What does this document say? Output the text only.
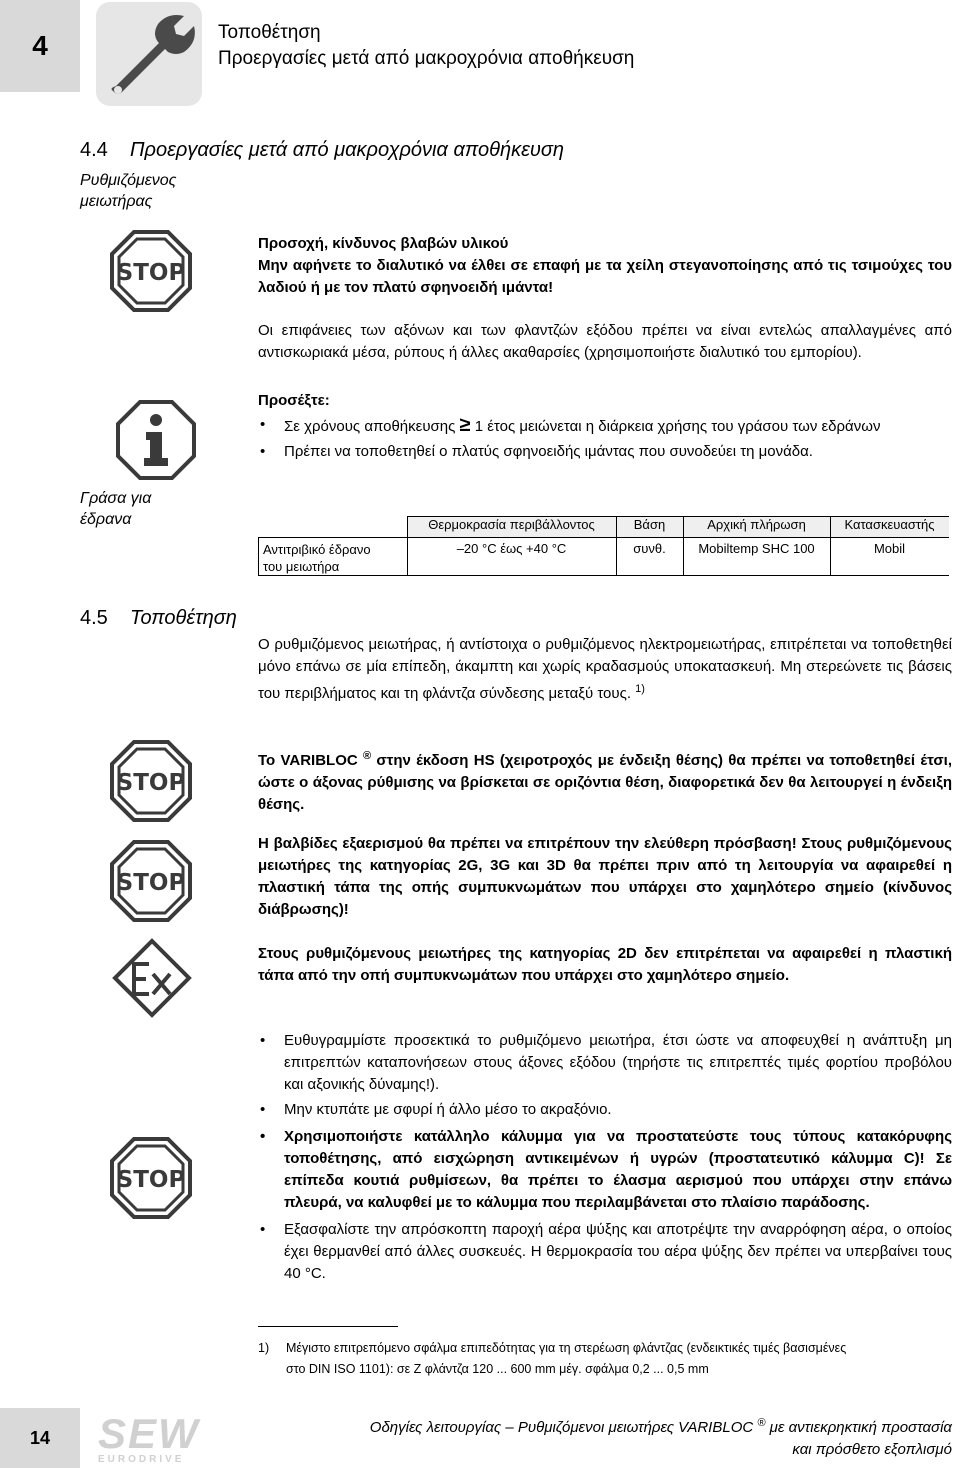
4	Τοποθέτηση
Προεργασίες μετά από μακροχρόνια αποθήκευση
4.4 Προεργασίες μετά από μακροχρόνια αποθήκευση
Ρυθμιζόμενος
μειωτήρας
STOP
Προσοχή, κίνδυνος βλαβών υλικού
Μην αφήνετε το διαλυτικό να έλθει σε επαφή με τα χείλη στεγανοποίησης από τις τσιμούχες του λαδιού ή με τον πλατύ σφηνοειδή ιμάντα!
Οι επιφάνειες των αξόνων και των φλαντζών εξόδου πρέπει να είναι εντελώς απαλλαγμένες από αντισκωριακά μέσα, ρύπους ή άλλες ακαθαρσίες (χρησιμοποιήστε διαλυτικό του εμπορίου).
Προσέξτε:
• Σε χρόνους αποθήκευσης ≥ 1 έτος μειώνεται η διάρκεια χρήσης του γράσου των εδράνων
• Πρέπει να τοποθετηθεί ο πλατύς σφηνοειδής ιμάντας που συνοδεύει τη μονάδα.
Γράσα για
έδρανα
		Θερμοκρασία περιβάλλοντος	Βάση	Αρχική πλήρωση	Κατασκευαστής

Αντιτριβικό έδρανο
του μειωτήρα	–20 °C έως +40 °C	συνθ.	Mobiltemp SHC 100	Mobil
4.5 Τοποθέτηση
Ο ρυθμιζόμενος μειωτήρας, ή αντίστοιχα ο ρυθμιζόμενος ηλεκτρομειωτήρας, επιτρέπεται να τοποθετηθεί μόνο επάνω σε μία επίπεδη, άκαμπτη και χωρίς κραδασμούς υποκατασκευή. Μη στερεώνετε τις βάσεις του περιβλήματος και τη φλάντζα σύνδεσης μεταξύ τους. $^{1)}$
STOP
Το VARIBLOC ® στην έκδοση HS (χειροτροχός με ένδειξη θέσης) θα πρέπει να τοποθετηθεί έτσι, ώστε ο άξονας ρύθμισης να βρίσκεται σε οριζόντια θέση, διαφορετικά δεν θα λειτουργεί η ένδειξη θέσης.
STOP
Η βαλβίδες εξαερισμού θα πρέπει να επιτρέπουν την ελεύθερη πρόσβαση! Στους ρυθμιζόμενους μειωτήρες της κατηγορίας 2G, 3G και 3D θα πρέπει πριν από τη λειτουργία να αφαιρεθεί η πλαστική τάπα της οπής συμπυκνωμάτων που υπάρχει στο χαμηλότερο σημείο (κίνδυνος διάβρωσης)!
Στους ρυθμιζόμενους μειωτήρες της κατηγορίας 2D δεν επιτρέπεται να αφαιρεθεί η πλαστική τάπα από την οπή συμπυκνωμάτων που υπάρχει στο χαμηλότερο σημείο.
• Ευθυγραμμίστε προσεκτικά το ρυθμιζόμενο μειωτήρα, έτσι ώστε να αποφευχθεί η ανάπτυξη μη επιτρεπτών καταπονήσεων στους άξονες εξόδου (τηρήστε τις επιτρεπτές τιμές φορτίου προβόλου και αξονικής δύναμης!).
• Μην κτυπάτε με σφυρί ή άλλο μέσο το ακραξόνιο.
• Χρησιμοποιήστε κατάλληλο κάλυμμα για να προστατεύστε τους τύπους κατακόρυφης τοποθέτησης, από εισχώρηση αντικειμένων ή υγρών (προστατευτικό κάλυμμα C)! Σε επίπεδα κουτιά ρυθμίσεων, θα πρέπει το έλασμα αερισμού που υπάρχει στην επάνω πλευρά, να καλυφθεί με το κάλυμμα που περιλαμβάνεται στο πλαίσιο παράδοσης.
• Εξασφαλίστε την απρόσκοπτη παροχή αέρα ψύξης και αποτρέψτε την αναρρόφηση αέρα, ο οποίος έχει θερμανθεί από άλλες συσκευές. Η θερμοκρασία του αέρα ψύξης δεν πρέπει να υπερβαίνει τους 40 °C.
STOP
1)	Μέγιστο επιτρεπόμενο σφάλμα επιπεδότητας για τη στερέωση φλάντζας (ενδεικτικές τιμές βασισμένες
στο DIN ISO 1101): σε Z φλάντζα 120 ... 600 mm μέγ. σφάλμα 0,2 ... 0,5 mm
14	SEW
EURODRIVE
Οδηγίες λειτουργίας – Ρυθμιζόμενοι μειωτήρες VARIBLOC ® με αντιεκρηκτική προστασία
και πρόσθετο εξοπλισμό
